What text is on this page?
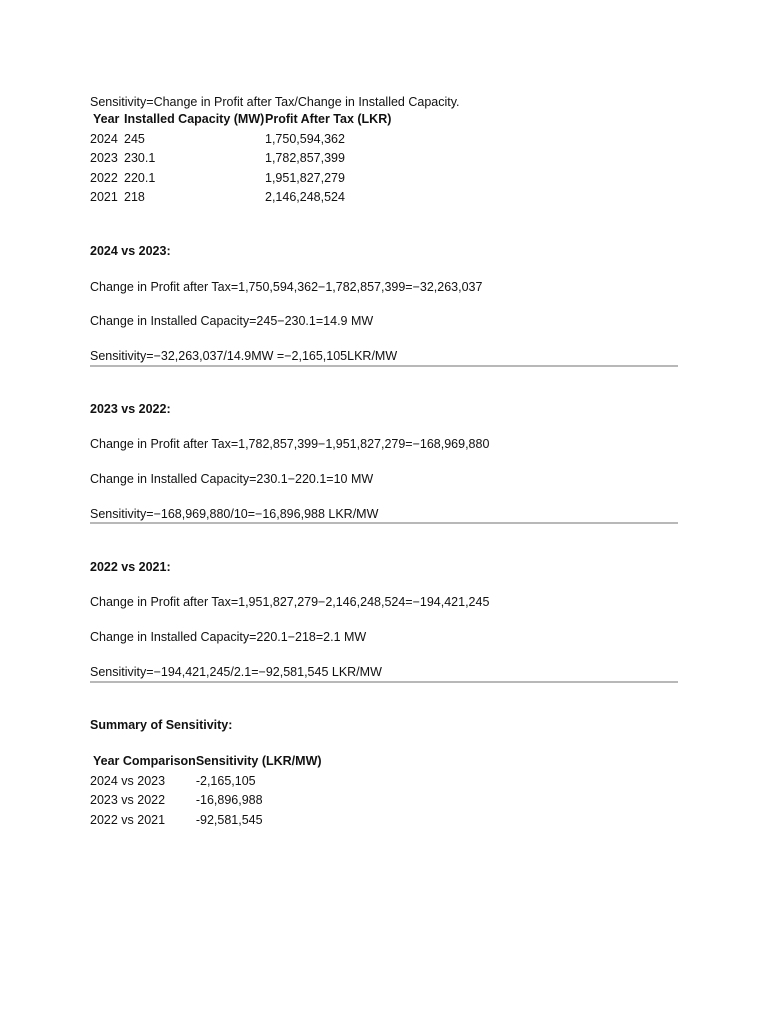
Sensitivity=Change in Profit after Tax/Change in Installed Capacity.
Year	Installed Capacity (MW)	Profit After Tax (LKR)
2024	245	1,750,594,362
2023	230.1	1,782,857,399
2022	220.1	1,951,827,279
2021	218	2,146,248,524
2024 vs 2023:
Change in Profit after Tax=1,750,594,362−1,782,857,399=−32,263,037
Change in Installed Capacity=245−230.1=14.9 MW
Sensitivity=−32,263,037/14.9MW =−2,165,105LKR/MW
2023 vs 2022:
Change in Profit after Tax=1,782,857,399−1,951,827,279=−168,969,880
Change in Installed Capacity=230.1−220.1=10 MW
Sensitivity=−168,969,880/10=−16,896,988 LKR/MW
2022 vs 2021:
Change in Profit after Tax=1,951,827,279−2,146,248,524=−194,421,245
Change in Installed Capacity=220.1−218=2.1 MW
Sensitivity=−194,421,245/2.1=−92,581,545 LKR/MW
Summary of Sensitivity:
Year Comparison	Sensitivity (LKR/MW)
2024 vs 2023	-2,165,105
2023 vs 2022	-16,896,988
2022 vs 2021	-92,581,545
